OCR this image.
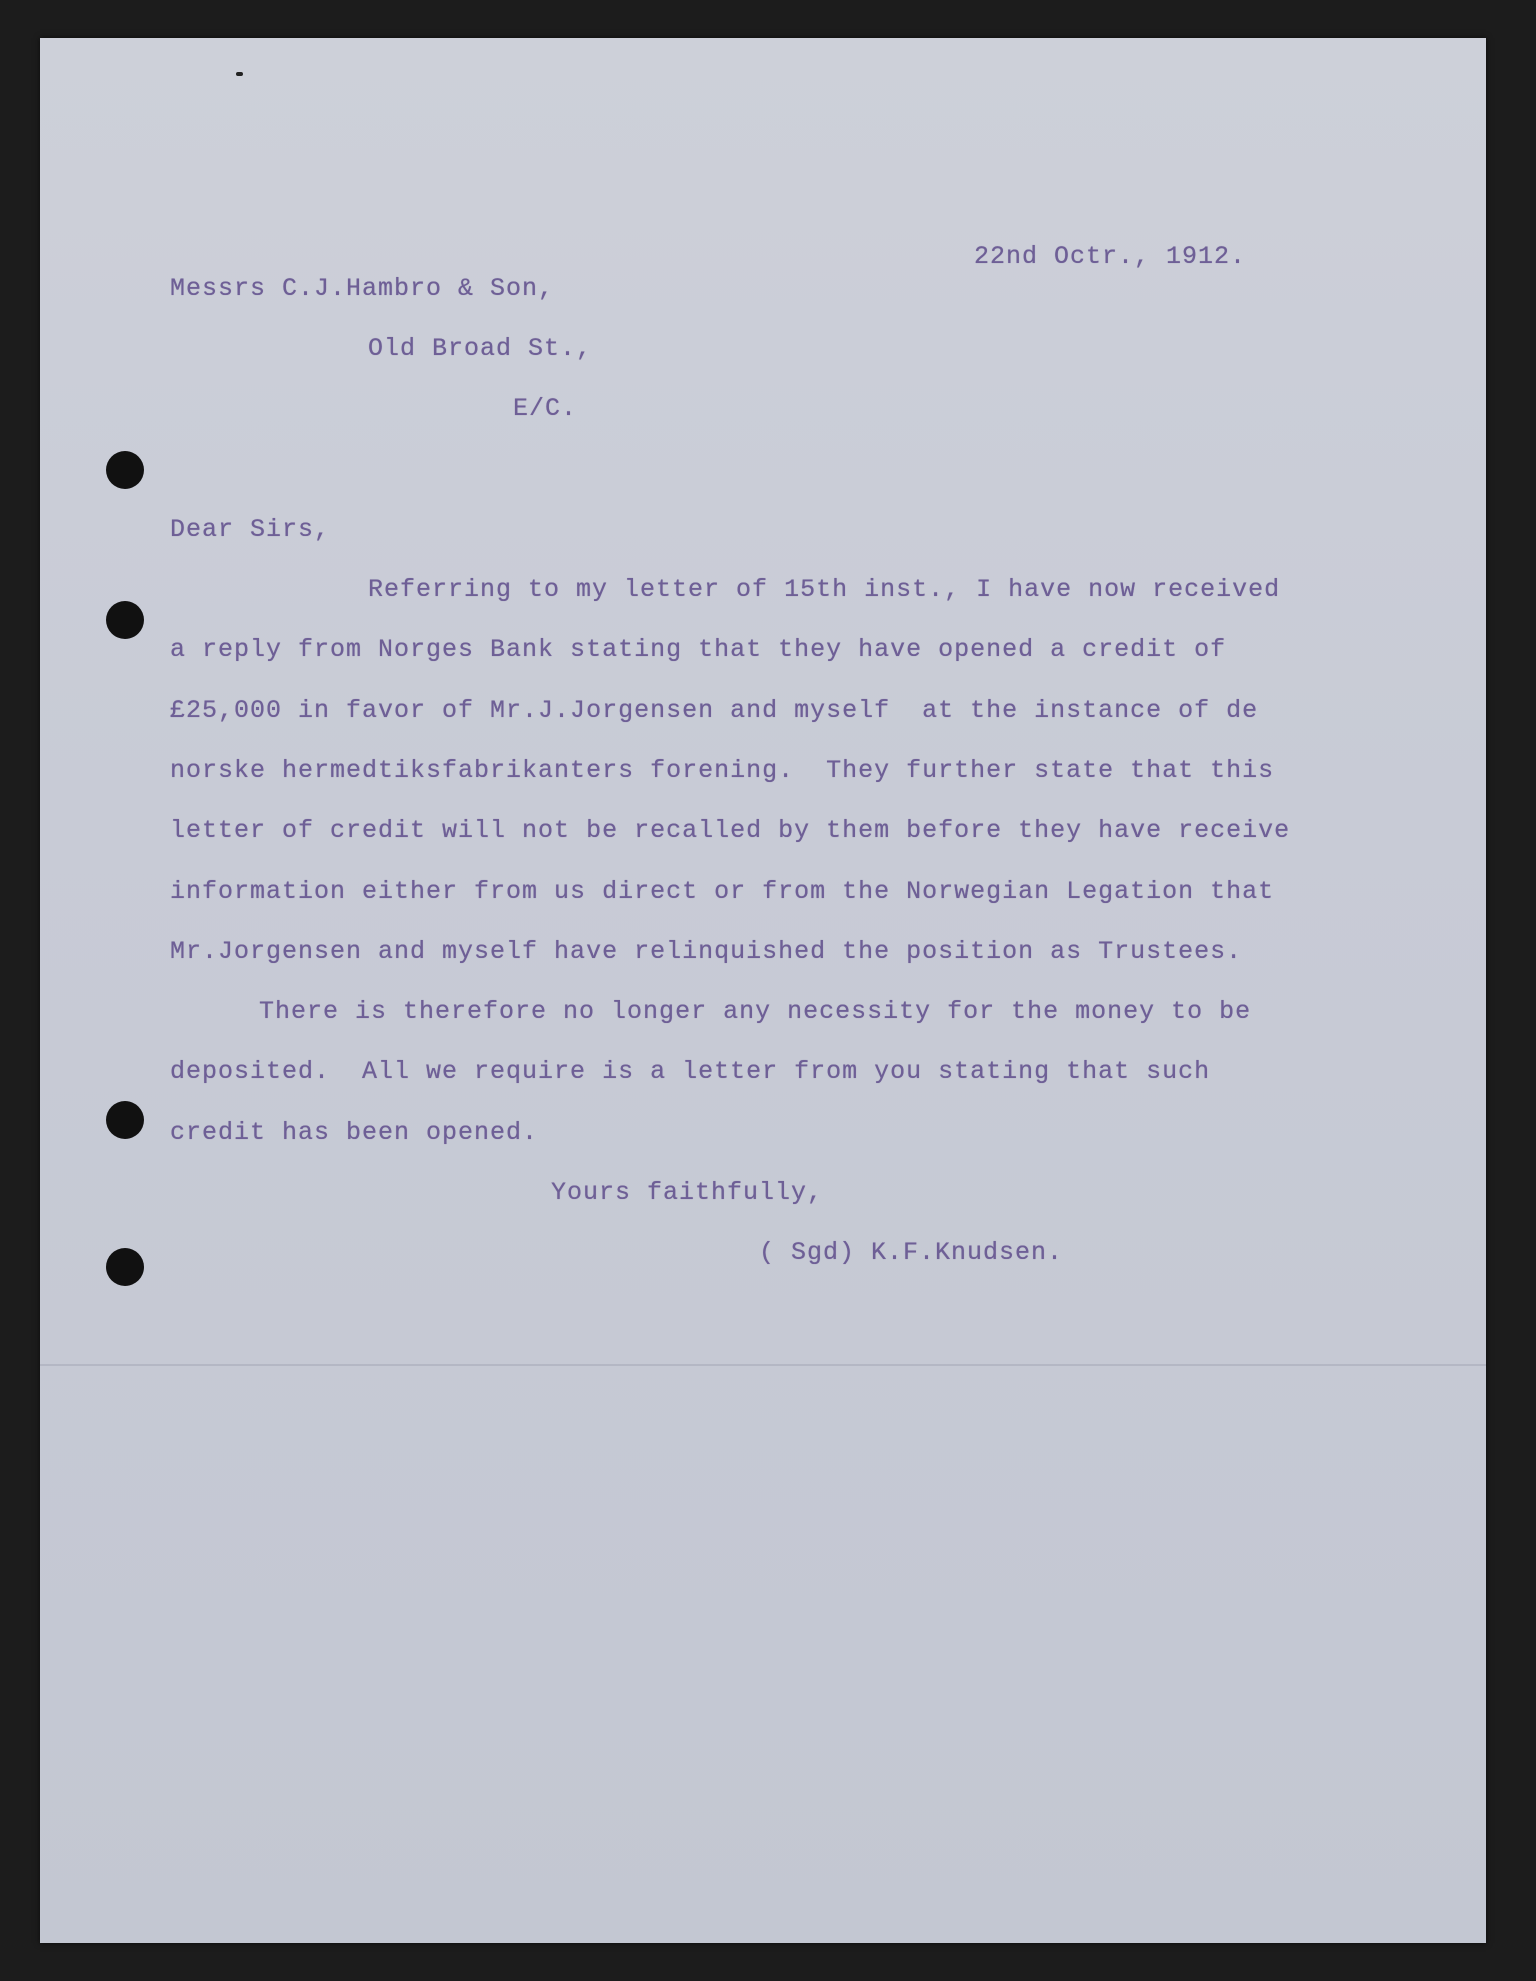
22nd Octr., 1912.
Messrs C.J.Hambro & Son,
Old Broad St.,
E/C.
Dear Sirs,
Referring to my letter of 15th inst., I have now received
a reply from Norges Bank stating that they have opened a credit of
£25,000 in favor of Mr.J.Jorgensen and myself  at the instance of de
norske hermedtiksfabrikanters forening.  They further state that this
letter of credit will not be recalled by them before they have receive
information either from us direct or from the Norwegian Legation that
Mr.Jorgensen and myself have relinquished the position as Trustees.
There is therefore no longer any necessity for the money to be
deposited.  All we require is a letter from you stating that such
credit has been opened.
Yours faithfully,
( Sgd) K.F.Knudsen.
